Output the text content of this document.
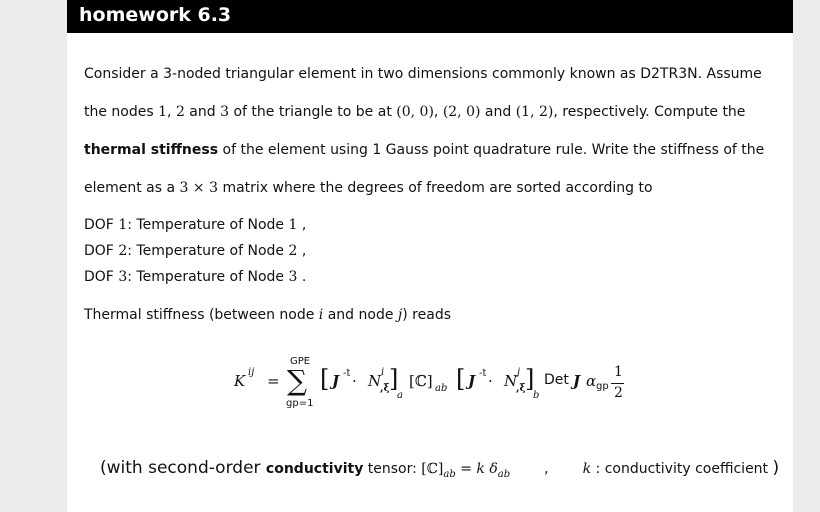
homework 6.3
Consider a 3-noded triangular element in two dimensions commonly known as D2TR3N. Assume
the nodes 1, 2 and 3 of the triangle to be at (0, 0), (2, 0) and (1, 2), respectively. Compute the
thermal stiffness of the element using 1 Gauss point quadrature rule. Write the stiffness of the
element as a 3 × 3 matrix where the degrees of freedom are sorted according to
DOF 1: Temperature of Node 1 ,
DOF 2: Temperature of Node 2 ,
DOF 3: Temperature of Node 3 .
Thermal stiffness (between node i and node j) reads
K ij =
GPE
∑
gp=1
[ J -t · N i
,ξ ]
a
[ℂ] ab [ J -t · N j
,ξ ]
b
Det J α gp
1
2
(with second-order conductivity tensor: $[ℂ]_{ab} = k$ $\delta_{ab}$ , k : conductivity coefficient )
